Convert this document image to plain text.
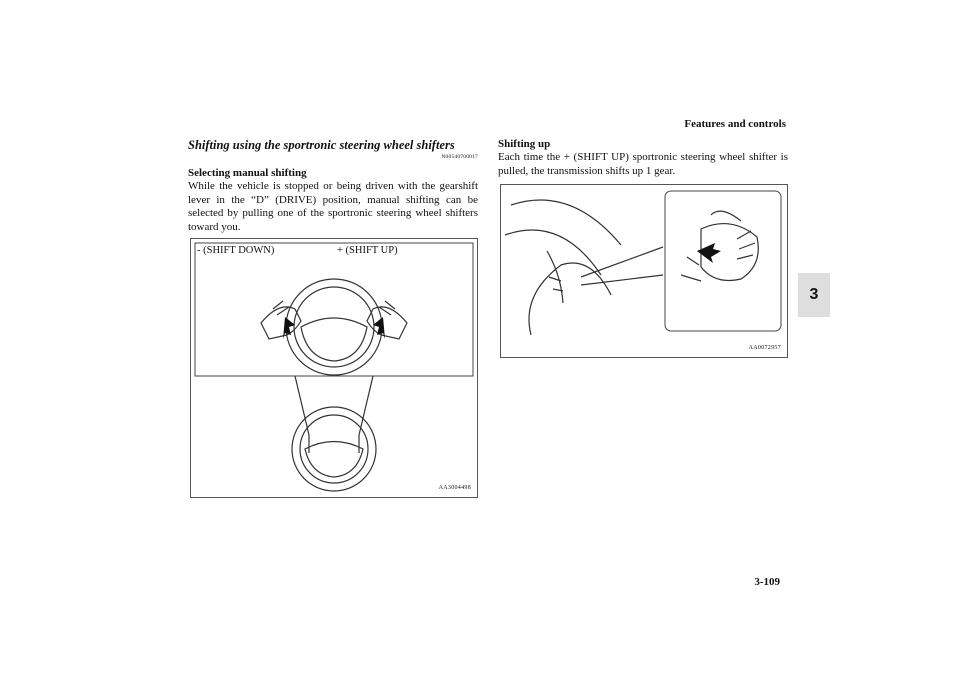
Features and controls
3
3-109

Shifting using the sportronic steering wheel shifters

N00540700017

Selecting manual shifting

While the vehicle is stopped or being driven with the gearshift lever in the “D” (DRIVE) position, manual shifting can be selected by pulling one of the sportronic steering wheel shifters toward you.

Shifting up

Each time the + (SHIFT UP) sportronic steering wheel shifter is pulled, the transmission shifts up 1 gear.

- (SHIFT DOWN)	+ (SHIFT UP)
AA3004498
AA0072957
